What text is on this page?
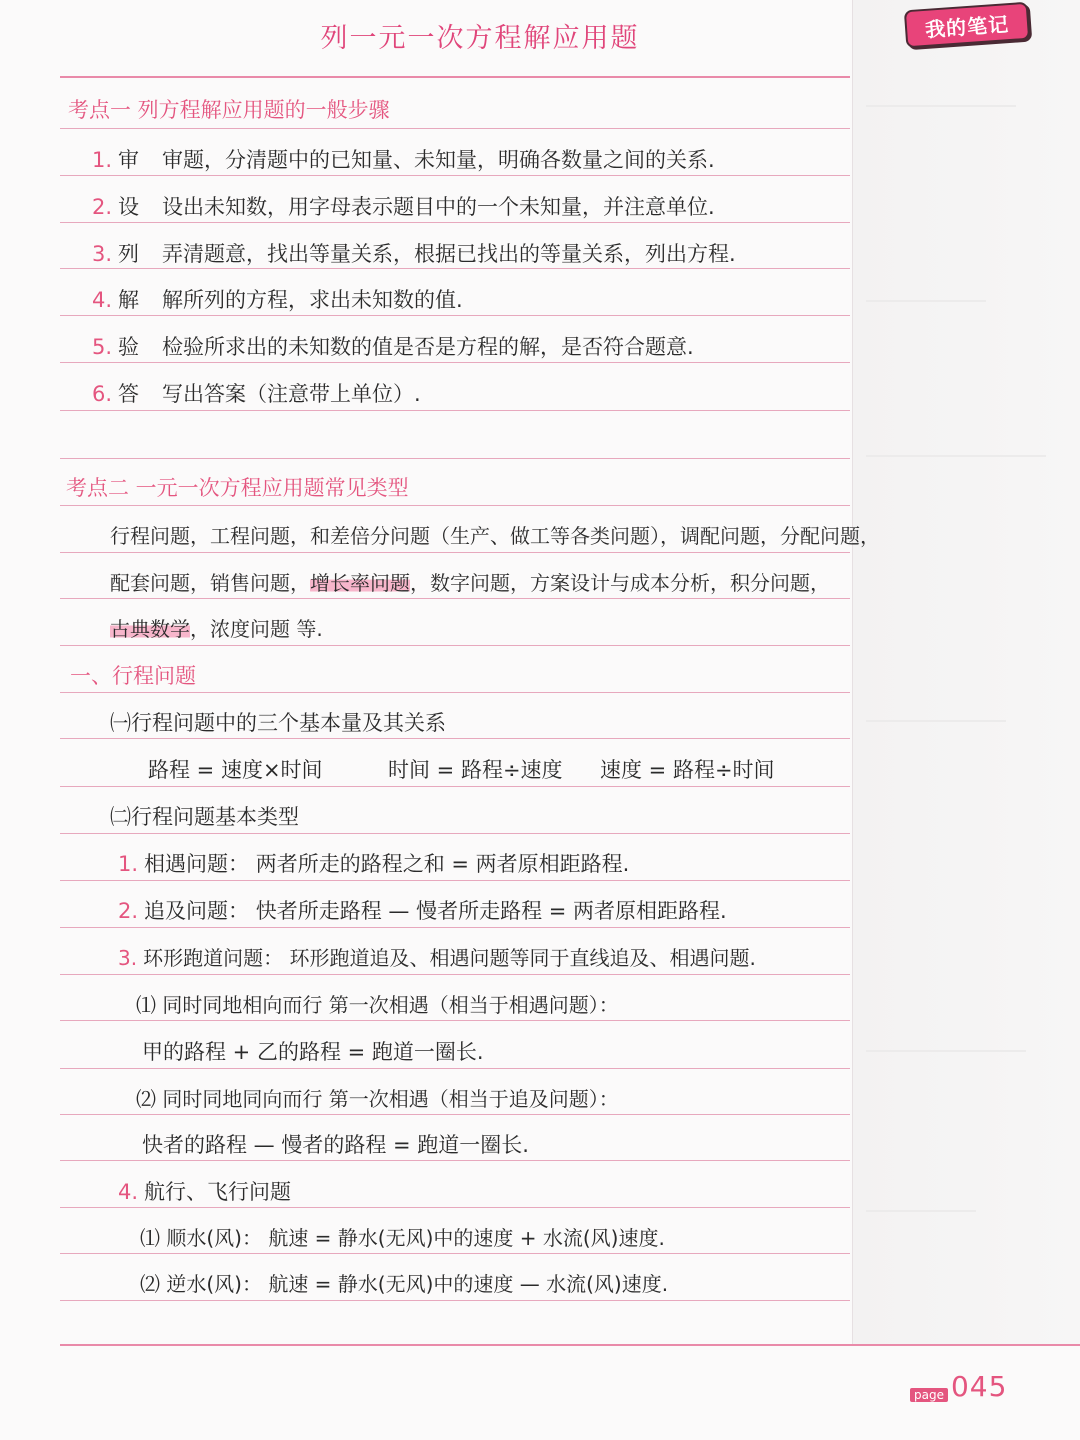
列一元一次方程解应用题	我的笔记
考点一 列方程解应用题的一般步骤
1. 审 审题，分清题中的已知量、未知量，明确各数量之间的关系.
2. 设 设出未知数，用字母表示题目中的一个未知量，并注意单位.
3. 列 弄清题意，找出等量关系，根据已找出的等量关系，列出方程.
4. 解 解所列的方程，求出未知数的值.
5. 验 检验所求出的未知数的值是否是方程的解，是否符合题意.
6. 答 写出答案（注意带上单位）.
考点二 一元一次方程应用题常见类型
行程问题，工程问题，和差倍分问题（生产、做工等各类问题），调配问题，分配问题，
配套问题，销售问题，增长率问题，数字问题，方案设计与成本分析，积分问题，
古典数学，浓度问题 等.
一、行程问题
㈠行程问题中的三个基本量及其关系
路程 = 速度×时间	时间 = 路程÷速度 速度 = 路程÷时间
㈡行程问题基本类型
1. 相遇问题： 两者所走的路程之和 = 两者原相距路程.
2. 追及问题： 快者所走路程 — 慢者所走路程 = 两者原相距路程.
3. 环形跑道问题： 环形跑道追及、相遇问题等同于直线追及、相遇问题.
⑴ 同时同地相向而行 第一次相遇（相当于相遇问题）：
甲的路程 + 乙的路程 = 跑道一圈长.
⑵ 同时同地同向而行 第一次相遇（相当于追及问题）：
快者的路程 — 慢者的路程 = 跑道一圈长.
4. 航行、飞行问题
⑴ 顺水(风)： 航速 = 静水(无风)中的速度 + 水流(风)速度.
⑵ 逆水(风)： 航速 = 静水(无风)中的速度 — 水流(风)速度.
page 045
